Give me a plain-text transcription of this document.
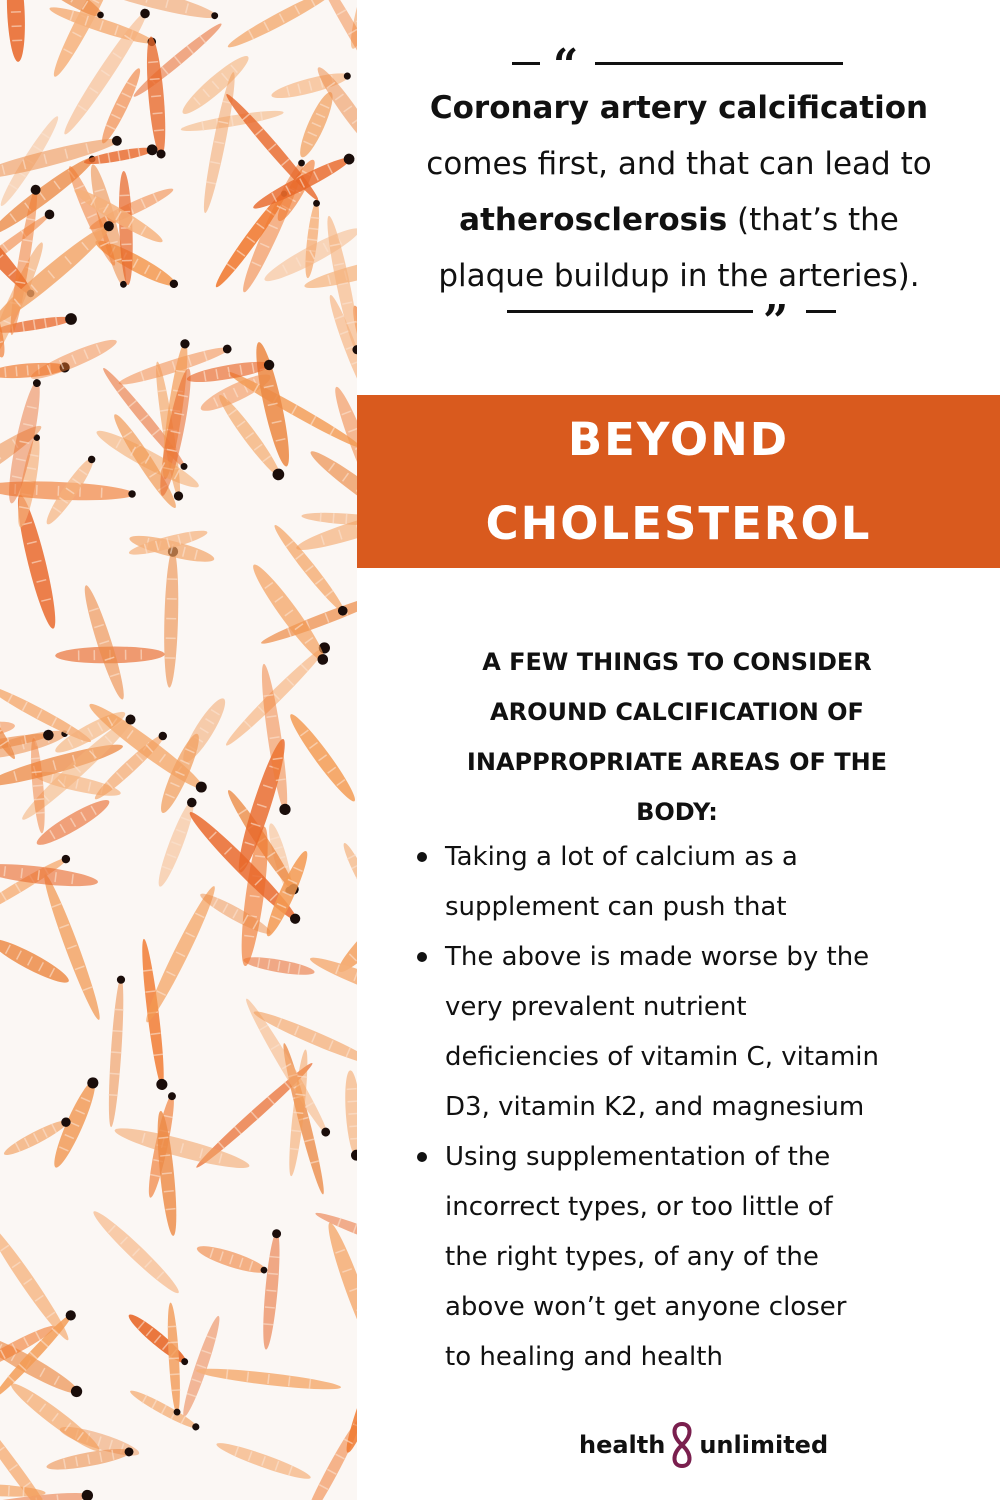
“
Coronary artery calcification
comes first, and that can lead to
atherosclerosis (that’s the
plaque buildup in the arteries).
”
BEYOND
CHOLESTEROL
A FEW THINGS TO CONSIDER
AROUND CALCIFICATION OF
INAPPROPRIATE AREAS OF THE
BODY:
Taking a lot of calcium as a
supplement can push that
The above is made worse by the
very prevalent nutrient
deficiencies of vitamin C, vitamin
D3, vitamin K2, and magnesium
Using supplementation of the
incorrect types, or too little of
the right types, of any of the
above won’t get anyone closer
to healing and health
health unlimited
